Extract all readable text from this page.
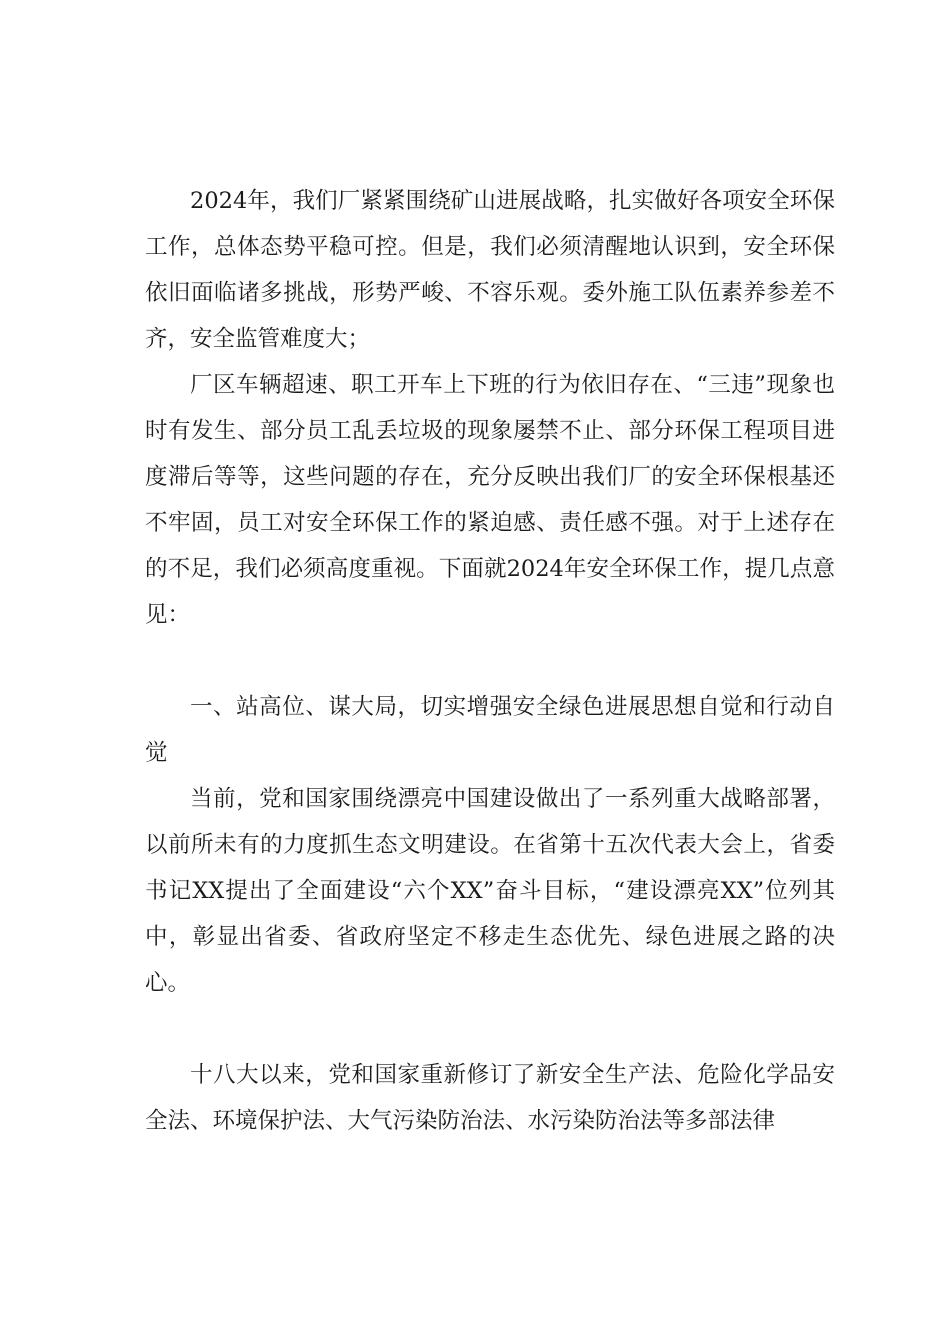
2024年，我们厂紧紧围绕矿山进展战略，扎实做好各项安全环保工作，总体态势平稳可控。但是，我们必须清醒地认识到，安全环保依旧面临诸多挑战，形势严峻、不容乐观。委外施工队伍素养参差不齐，安全监管难度大；

厂区车辆超速、职工开车上下班的行为依旧存在、“三违”现象也时有发生、部分员工乱丢垃圾的现象屡禁不止、部分环保工程项目进度滞后等等，这些问题的存在，充分反映出我们厂的安全环保根基还不牢固，员工对安全环保工作的紧迫感、责任感不强。对于上述存在的不足，我们必须高度重视。下面就2024年安全环保工作，提几点意见：

一、站高位、谋大局，切实增强安全绿色进展思想自觉和行动自觉

当前，党和国家围绕漂亮中国建设做出了一系列重大战略部署，以前所未有的力度抓生态文明建设。在省第十五次代表大会上，省委书记XX提出了全面建设“六个XX”奋斗目标，“建设漂亮XX”位列其中，彰显出省委、省政府坚定不移走生态优先、绿色进展之路的决心。

十八大以来，党和国家重新修订了新安全生产法、危险化学品安全法、环境保护法、大气污染防治法、水污染防治法等多部法律
